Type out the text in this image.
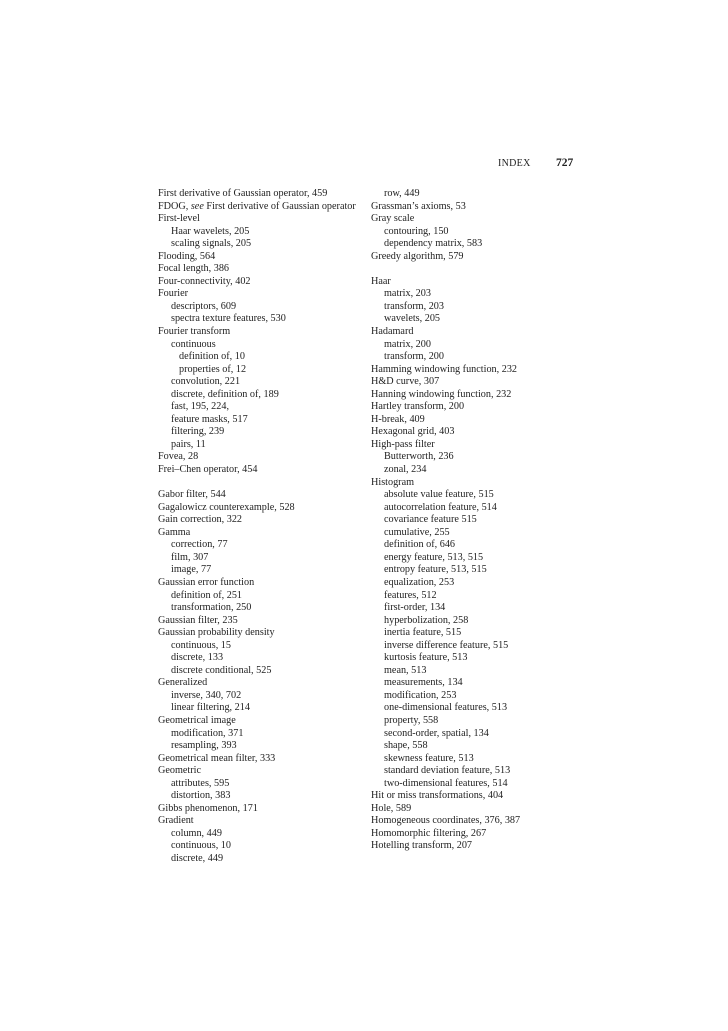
INDEX 727
First derivative of Gaussian operator, 459
FDOG, see First derivative of Gaussian operator
First-level
Haar wavelets, 205
scaling signals, 205
Flooding, 564
Focal length, 386
Four-connectivity, 402
Fourier
descriptors, 609
spectra texture features, 530
Fourier transform
continuous
definition of, 10
properties of, 12
convolution, 221
discrete, definition of, 189
fast, 195, 224,
feature masks, 517
filtering, 239
pairs, 11
Fovea, 28
Frei–Chen operator, 454
Gabor filter, 544
Gagalowicz counterexample, 528
Gain correction, 322
Gamma
correction, 77
film, 307
image, 77
Gaussian error function
definition of, 251
transformation, 250
Gaussian filter, 235
Gaussian probability density
continuous, 15
discrete, 133
discrete conditional, 525
Generalized
inverse, 340, 702
linear filtering, 214
Geometrical image
modification, 371
resampling, 393
Geometrical mean filter, 333
Geometric
attributes, 595
distortion, 383
Gibbs phenomenon, 171
Gradient
column, 449
continuous, 10
discrete, 449
row, 449
Grassman’s axioms, 53
Gray scale
contouring, 150
dependency matrix, 583
Greedy algorithm, 579
Haar
matrix, 203
transform, 203
wavelets, 205
Hadamard
matrix, 200
transform, 200
Hamming windowing function, 232
H&D curve, 307
Hanning windowing function, 232
Hartley transform, 200
H-break, 409
Hexagonal grid, 403
High-pass filter
Butterworth, 236
zonal, 234
Histogram
absolute value feature, 515
autocorrelation feature, 514
covariance feature 515
cumulative, 255
definition of, 646
energy feature, 513, 515
entropy feature, 513, 515
equalization, 253
features, 512
first-order, 134
hyperbolization, 258
inertia feature, 515
inverse difference feature, 515
kurtosis feature, 513
mean, 513
measurements, 134
modification, 253
one-dimensional features, 513
property, 558
second-order, spatial, 134
shape, 558
skewness feature, 513
standard deviation feature, 513
two-dimensional features, 514
Hit or miss transformations, 404
Hole, 589
Homogeneous coordinates, 376, 387
Homomorphic filtering, 267
Hotelling transform, 207
